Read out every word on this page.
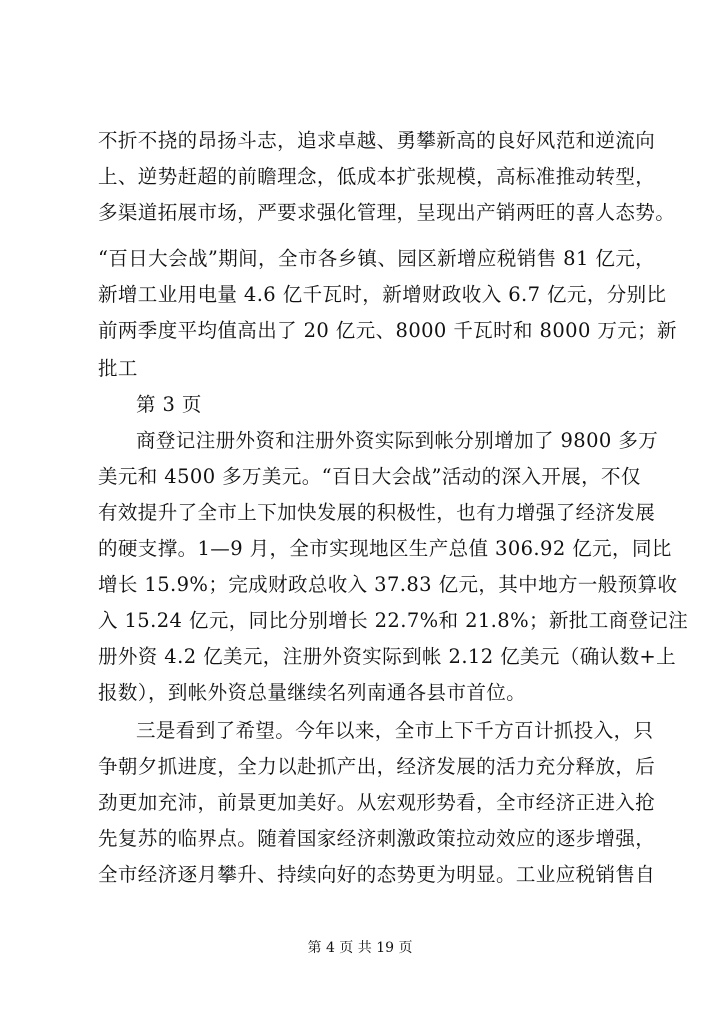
不折不挠的昂扬斗志，追求卓越、勇攀新高的良好风范和逆流向
上、逆势赶超的前瞻理念，低成本扩张规模，高标准推动转型，
多渠道拓展市场，严要求强化管理，呈现出产销两旺的喜人态势。
“百日大会战”期间，全市各乡镇、园区新增应税销售 81 亿元，
新增工业用电量 4.6 亿千瓦时，新增财政收入 6.7 亿元，分别比
前两季度平均值高出了 20 亿元、8000 千瓦时和 8000 万元；新
批工
第 3 页
商登记注册外资和注册外资实际到帐分别增加了 9800 多万
美元和 4500 多万美元。“百日大会战”活动的深入开展，不仅
有效提升了全市上下加快发展的积极性，也有力增强了经济发展
的硬支撑。1—9 月，全市实现地区生产总值 306.92 亿元，同比
增长 15.9%；完成财政总收入 37.83 亿元，其中地方一般预算收
入 15.24 亿元，同比分别增长 22.7%和 21.8%；新批工商登记注
册外资 4.2 亿美元，注册外资实际到帐 2.12 亿美元（确认数+上
报数），到帐外资总量继续名列南通各县市首位。
三是看到了希望。今年以来，全市上下千方百计抓投入，只
争朝夕抓进度，全力以赴抓产出，经济发展的活力充分释放，后
劲更加充沛，前景更加美好。从宏观形势看，全市经济正进入抢
先复苏的临界点。随着国家经济刺激政策拉动效应的逐步增强，
全市经济逐月攀升、持续向好的态势更为明显。工业应税销售自
第 4 页 共 19 页
